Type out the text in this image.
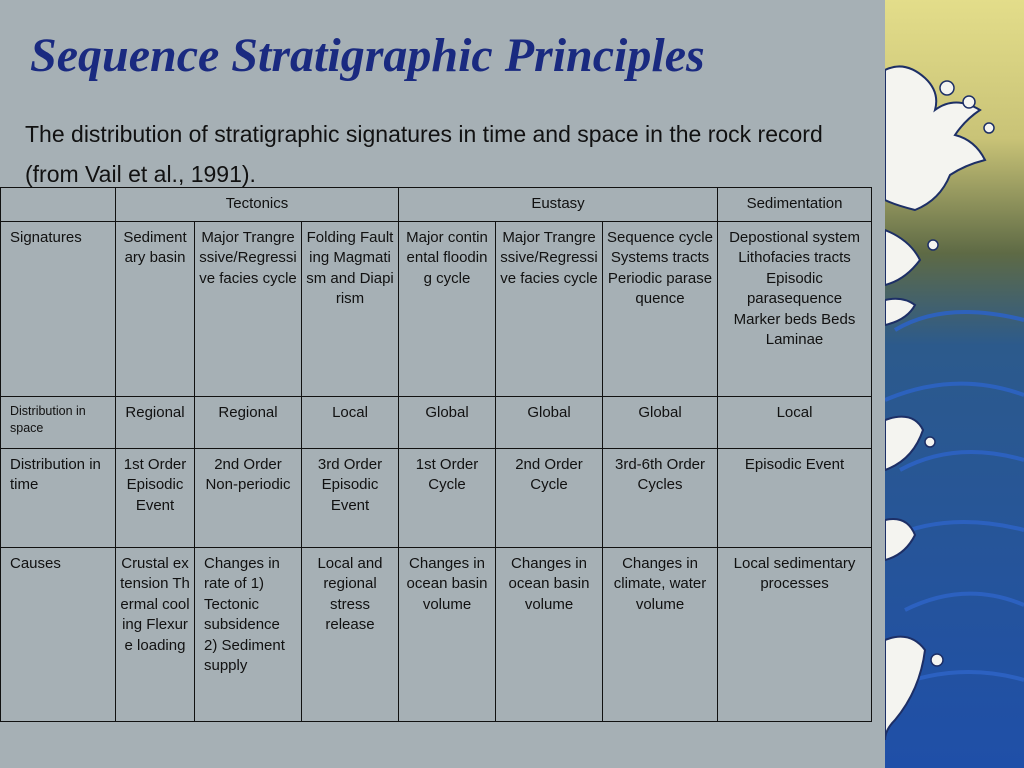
Sequence Stratigraphic Principles

The distribution of stratigraphic signatures in time and space in the rock record (from Vail et al., 1991).

	Tectonics			Eustasy			Sedimentation
Signatures	Sedimentary basin	Major Trangressive/Regressive facies cycle	Folding Faulting Magmatism and Diapirism	Major continental flooding cycle	Major Trangressive/Regressive facies cycle	Sequence cycle Systems tracts Periodic parasequence	Depostional system Lithofacies tracts Episodic parasequence Marker beds Beds Laminae
Distribution in space	Regional	Regional	Local	Global	Global	Global	Local
Distribution in time	1st Order Episodic Event	2nd Order Non-periodic	3rd Order Episodic Event	1st Order Cycle	2nd Order Cycle	3rd-6th Order Cycles	Episodic Event
Causes	Crustal extension Thermal cooling Flexure loading	Changes in rate of 1) Tectonic subsidence 2) Sediment supply	Local and regional stress release	Changes in ocean basin volume	Changes in ocean basin volume	Changes in climate, water volume	Local sedimentary processes
